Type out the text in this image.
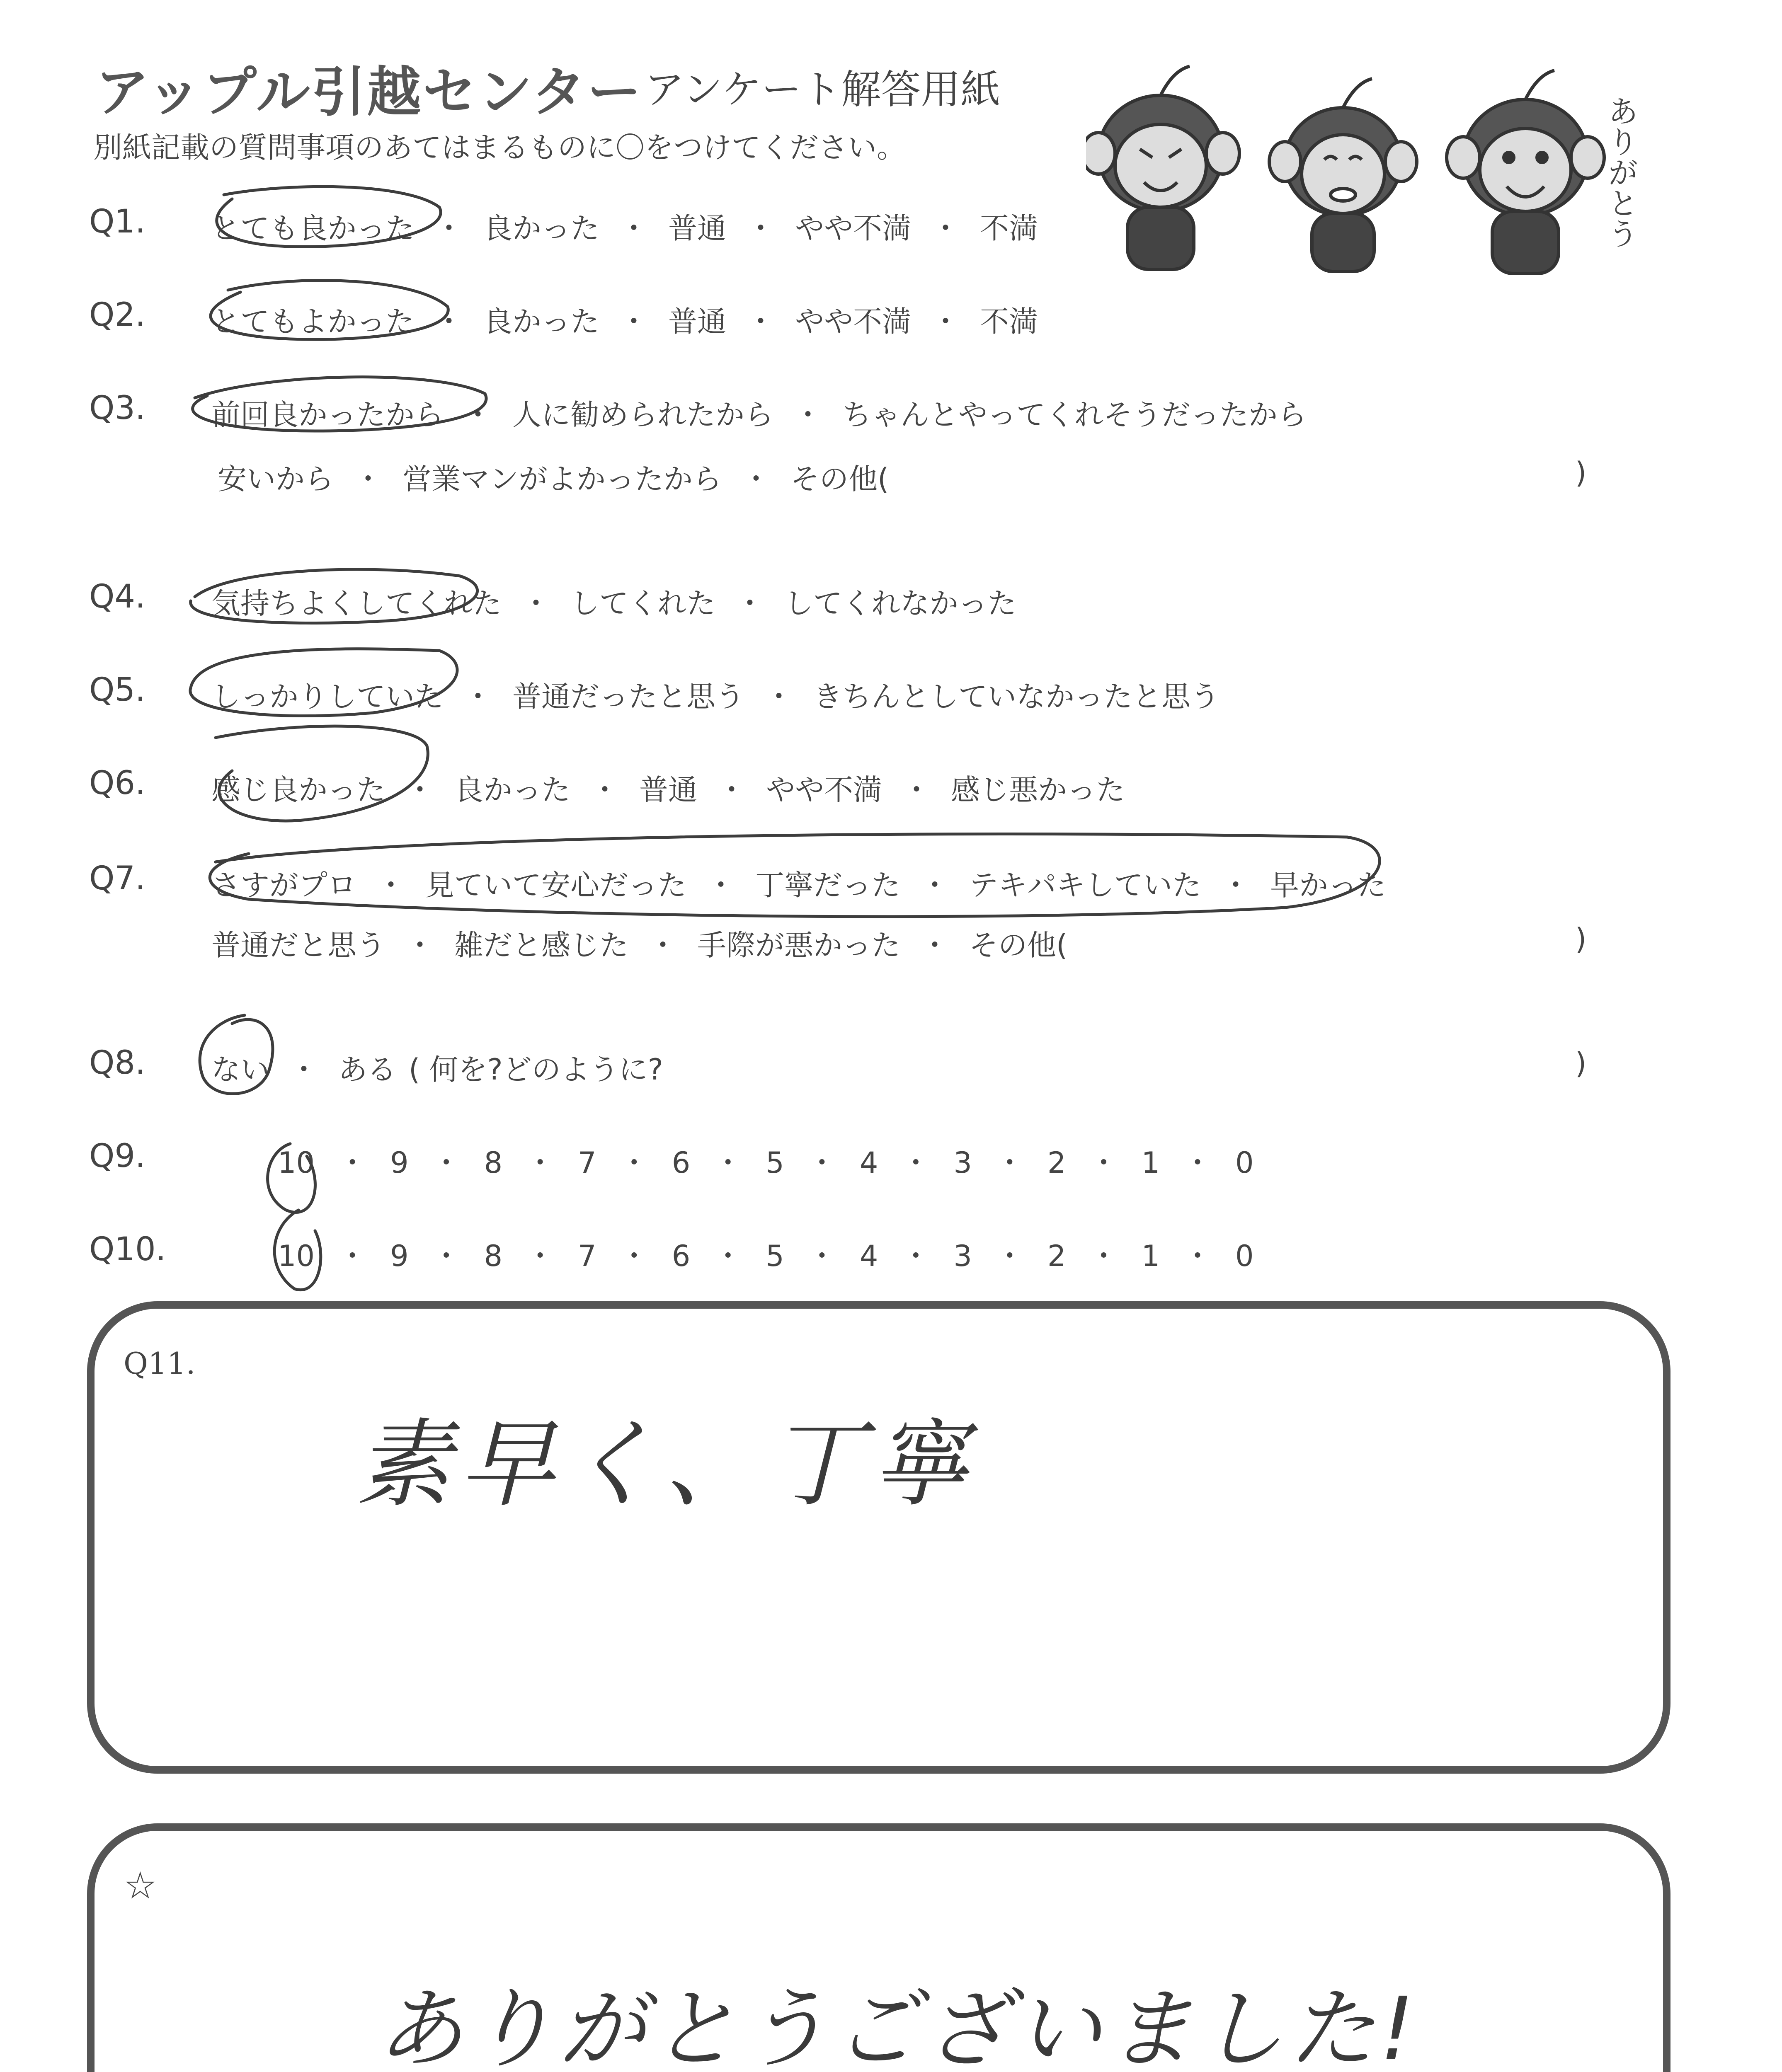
アップル引越センター アンケート解答用紙
別紙記載の質問事項のあてはまるものに〇をつけてください。	ありがとう
Q1. とても良かった ・ 良かった ・ 普通 ・ やや不満 ・ 不満
Q2. とてもよかった ・ 良かった ・ 普通 ・ やや不満 ・ 不満
Q3. 前回良かったから ・ 人に勧められたから ・ ちゃんとやってくれそうだったから
安いから ・ 営業マンがよかったから ・ その他(	)
Q4. 気持ちよくしてくれた ・ してくれた ・ してくれなかった
Q5. しっかりしていた ・ 普通だったと思う ・ きちんとしていなかったと思う
Q6. 感じ良かった ・ 良かった ・ 普通 ・ やや不満 ・ 感じ悪かった
Q7. さすがプロ ・ 見ていて安心だった ・ 丁寧だった ・ テキパキしていた ・ 早かった
普通だと思う ・ 雑だと感じた ・ 手際が悪かった ・ その他(	)
Q8. ない ・ ある ( 何を?どのように?	)
Q9.	10 ・ 9 ・ 8 ・ 7 ・ 6 ・ 5 ・ 4 ・ 3 ・ 2 ・ 1 ・ 0
Q10.	10 ・ 9 ・ 8 ・ 7 ・ 6 ・ 5 ・ 4 ・ 3 ・ 2 ・ 1 ・ 0
Q11.
素早く、丁寧
☆
ありがとうございました!
